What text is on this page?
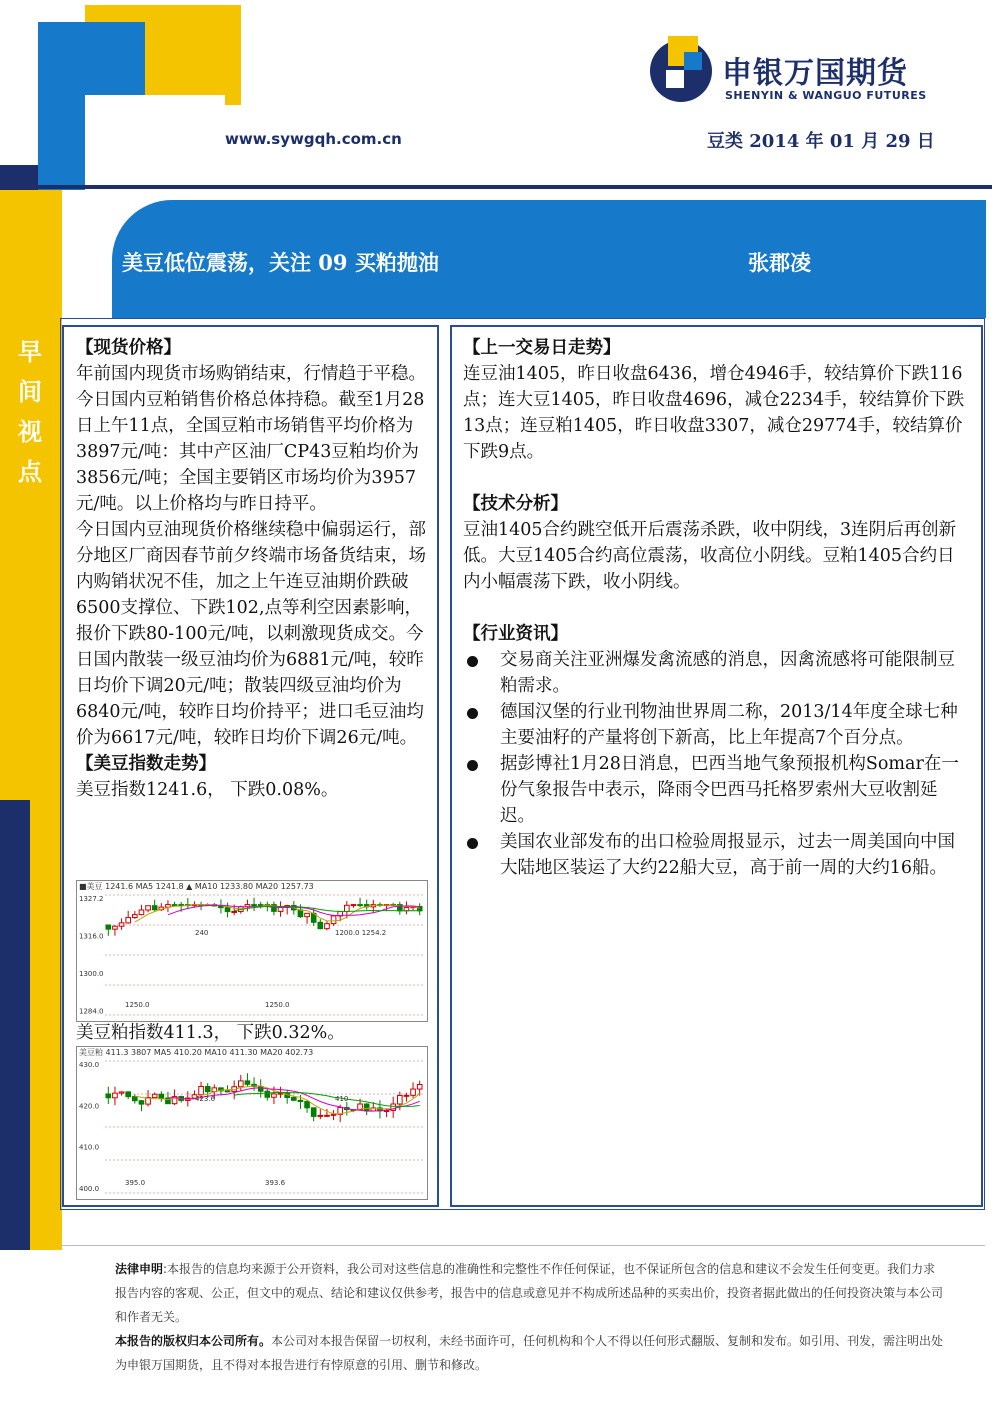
www.sywgqh.com.cn	豆类 2014 年 01 月 29 日
申银万国期货
SHENYIN & WANGUO FUTURES
早间视点
美豆低位震荡，关注 09 买粕抛油	张郡凌

【现货价格】

年前国内现货市场购销结束，行情趋于平稳。

今日国内豆粕销售价格总体持稳。截至1月28日上午11点，全国豆粕市场销售平均价格为3897元/吨：其中产区油厂CP43豆粕均价为3856元/吨；全国主要销区市场均价为3957元/吨。以上价格均与昨日持平。

今日国内豆油现货价格继续稳中偏弱运行，部分地区厂商因春节前夕终端市场备货结束，场内购销状况不佳，加之上午连豆油期价跌破6500支撑位、下跌102,点等利空因素影响，报价下跌80-100元/吨，以刺激现货成交。今日国内散装一级豆油均价为6881元/吨，较昨日均价下调20元/吨；散装四级豆油均价为6840元/吨，较昨日均价持平；进口毛豆油均价为6617元/吨，较昨日均价下调26元/吨。

【美豆指数走势】

美豆指数1241.6， 下跌0.08%。

美豆粕指数411.3， 下跌0.32%。
■美豆 1241.6 MA5 1241.8 ▲ MA10 1233.80 MA20 1257.73
1327.2
1316.0
1300.0
1284.0
1250.0
240
1250.0
1200.0 1254.2
美豆粕 411.3 3807 MA5 410.20 MA10 411.30 MA20 402.73
430.0
420.0
410.0
400.0
395.0
423.6
393.6
410

【上一交易日走势】

连豆油1405，昨日收盘6436，增仓4946手，较结算价下跌116点；连大豆1405，昨日收盘4696，减仓2234手，较结算价下跌13点；连豆粕1405，昨日收盘3307，减仓29774手，较结算价下跌9点。

【技术分析】

豆油1405合约跳空低开后震荡杀跌，收中阴线，3连阴后再创新低。大豆1405合约高位震荡，收高位小阴线。豆粕1405合约日内小幅震荡下跌，收小阴线。

【行业资讯】

交易商关注亚洲爆发禽流感的消息，因禽流感将可能限制豆粕需求。
德国汉堡的行业刊物油世界周二称，2013/14年度全球七种主要油籽的产量将创下新高，比上年提高7个百分点。
据彭博社1月28日消息，巴西当地气象预报机构Somar在一份气象报告中表示，降雨令巴西马托格罗索州大豆收割延迟。
美国农业部发布的出口检验周报显示，过去一周美国向中国大陆地区装运了大约22船大豆，高于前一周的大约16船。

法律申明:本报告的信息均来源于公开资料，我公司对这些信息的准确性和完整性不作任何保证，也不保证所包含的信息和建议不会发生任何变更。我们力求报告内容的客观、公正，但文中的观点、结论和建议仅供参考，报告中的信息或意见并不构成所述品种的买卖出价，投资者据此做出的任何投资决策与本公司和作者无关。

本报告的版权归本公司所有。本公司对本报告保留一切权利，未经书面许可，任何机构和个人不得以任何形式翻版、复制和发布。如引用、刊发，需注明出处为申银万国期货，且不得对本报告进行有悖原意的引用、删节和修改。
